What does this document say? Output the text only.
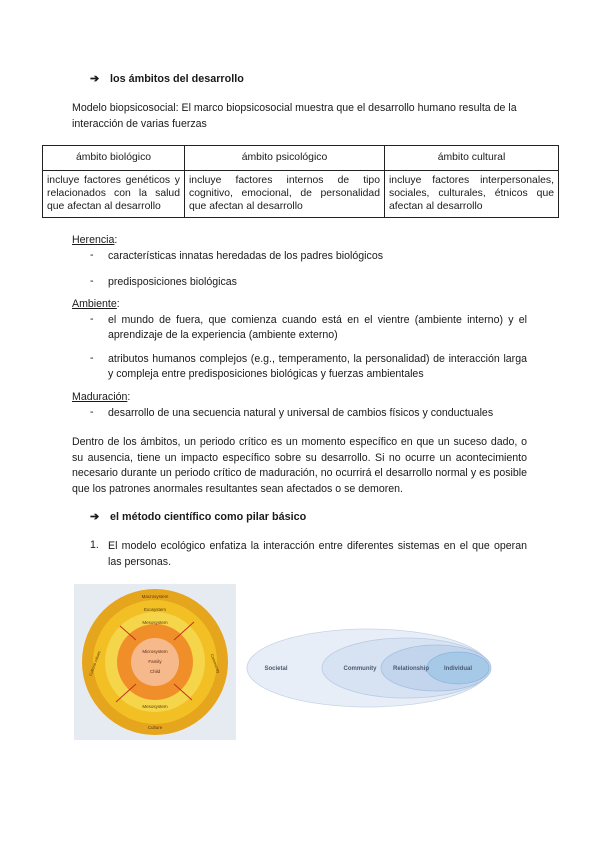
➔ los ámbitos del desarrollo

Modelo biopsicosocial: El marco biopsicosocial muestra que el desarrollo humano resulta de la interacción de varias fuerzas

ámbito biológico	ámbito psicológico	ámbito cultural
incluye factores genéticos y relacionados con la salud que afectan al desarrollo	incluye factores internos de tipo cognitivo, emocional, de personalidad que afectan al desarrollo	incluye factores interpersonales, sociales, culturales, étnicos que afectan al desarrollo
Herencia:
- características innatas heredadas de los padres biológicos
- predisposiciones biológicas
Ambiente:
- el mundo de fuera, que comienza cuando está en el vientre (ambiente interno) y el aprendizaje de la experiencia (ambiente externo)
- atributos humanos complejos (e.g., temperamento, la personalidad) de interacción larga y compleja entre predisposiciones biológicas y fuerzas ambientales
Maduración:
- desarrollo de una secuencia natural y universal de cambios físicos y conductuales

Dentro de los ámbitos, un periodo crítico es un momento específico en que un suceso dado, o su ausencia, tiene un impacto específico sobre su desarrollo. Si no ocurre un acontecimiento necesario durante un periodo crítico de maduración, no ocurrirá el desarrollo normal y es posible que los patrones anormales resultantes sean afectados o se demoren.

➔ el método científico como pilar básico
1. El modelo ecológico enfatiza la interacción entre diferentes sistemas en el que operan las personas.

Macrosystem
Exosystem
Mesosystem
Microsystem
Family
Child
Mesosystem
Culture
Cultural values	Community	Societal	Community	Relationship Individual
